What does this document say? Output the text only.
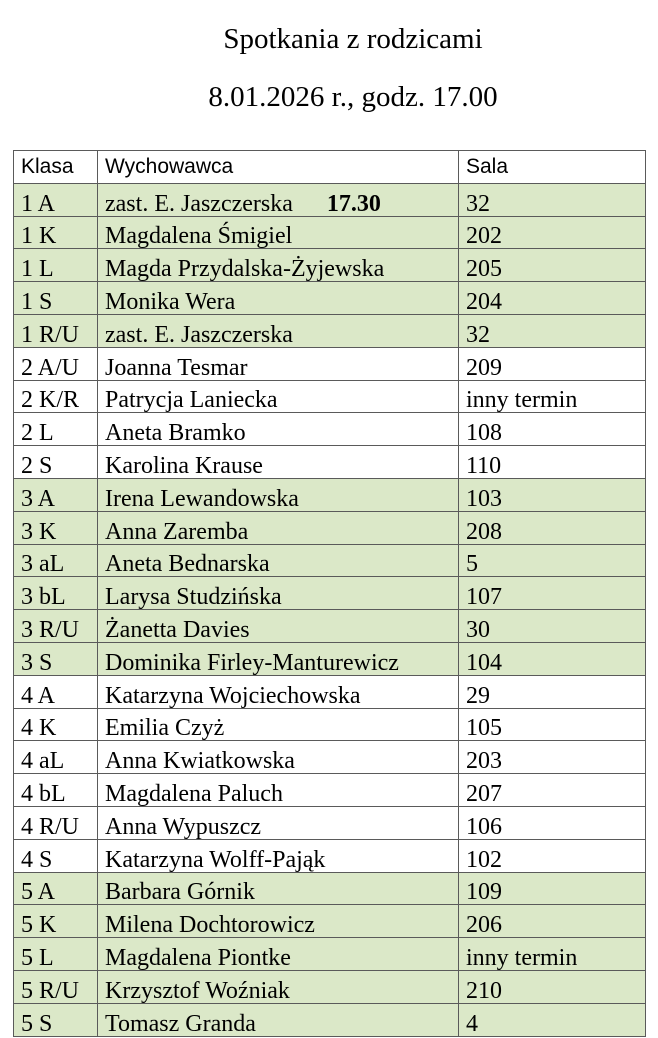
Spotkania z rodzicami
8.01.2026 r., godz. 17.00
Klasa	Wychowawca	Sala
1 A	zast. E. Jaszczerska 17.30	32
1 K	Magdalena Śmigiel	202
1 L	Magda Przydalska-Żyjewska	205
1 S	Monika Wera	204
1 R/U	zast. E. Jaszczerska	32
2 A/U	Joanna Tesmar	209
2 K/R	Patrycja Laniecka	inny termin
2 L	Aneta Bramko	108
2 S	Karolina Krause	110
3 A	Irena Lewandowska	103
3 K	Anna Zaremba	208
3 aL	Aneta Bednarska	5
3 bL	Larysa Studzińska	107
3 R/U	Żanetta Davies	30
3 S	Dominika Firley-Manturewicz	104
4 A	Katarzyna Wojciechowska	29
4 K	Emilia Czyż	105
4 aL	Anna Kwiatkowska	203
4 bL	Magdalena Paluch	207
4 R/U	Anna Wypuszcz	106
4 S	Katarzyna Wolff-Pająk	102
5 A	Barbara Górnik	109
5 K	Milena Dochtorowicz	206
5 L	Magdalena Piontke	inny termin
5 R/U	Krzysztof Woźniak	210
5 S	Tomasz Granda	4
